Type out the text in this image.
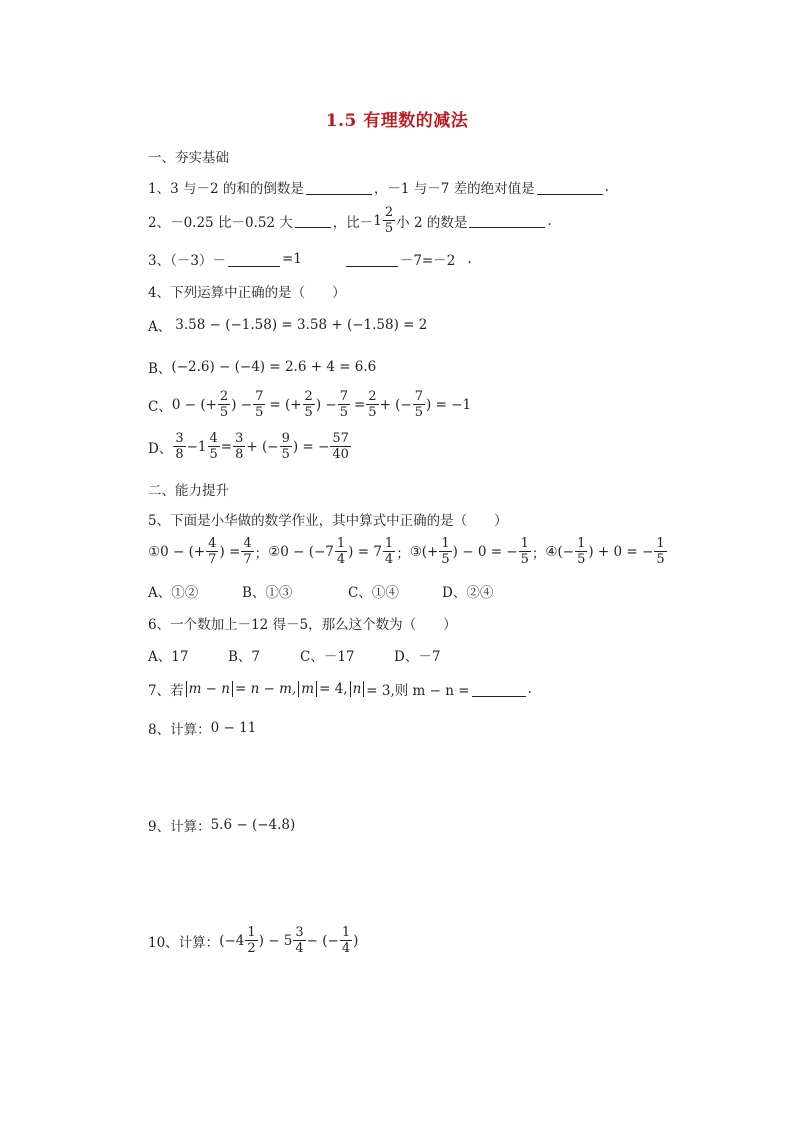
1.5 有理数的减法
一、夯实基础
1、3 与－2 的和的倒数是	，－1 与－7 差的绝对值是	.
2、－0.25 比－0.52 大	，比－ $1 \frac{2}{5}$ 小 2 的数是	.
3、（－3）－	=1	－7=－2 .
4、下列运算中正确的是（　　）
A、 3.58 − (−1.58) = 3.58 + (−1.58) = 2
B、 (−2.6) − (−4) = 2.6 + 4 = 6.6
C、 0 − (+ $\frac{2}{5}$ ) − $\frac{7}{5}$ = (+ $\frac{2}{5}$ ) − $\frac{7}{5} = \frac{2}{5}$ + (− $\frac{7}{5}$ ) = −1
D、 $\frac{3}{8} -1 \frac{4}{5} = \frac{3}{8}$ + (− $\frac{9}{5}$ ) = − $\frac{57}{40}$
二、能力提升
5、下面是小华做的数学作业，其中算式中正确的是（　　）
①0 − (+ $\frac{4}{7}$ ) = $\frac{4}{7}$ ； ②0 − ($-7 \frac{1}{4}$ ) = $7 \frac{1}{4}$ ； ③(+ $\frac{1}{5}$ ) − 0 = − $\frac{1}{5}$ ； ④(− $\frac{1}{5}$ ) + 0 = − $\frac{1}{5}$
A、①②	B、①③	C、①④	D、②④
6、一个数加上－12 得－5，那么这个数为（　　）
A、17	B、7	C、－17	D、－7
7、若 m − n = n − m, m = 4, n = 3,则 m − n =	.
8、计算： 0 − 11
9、计算： 5.6 − (−4.8)
10、计算： ($-4 \frac{1}{2}$ ) − $5 \frac{3}{4}$ − (− $\frac{1}{4}$ )
